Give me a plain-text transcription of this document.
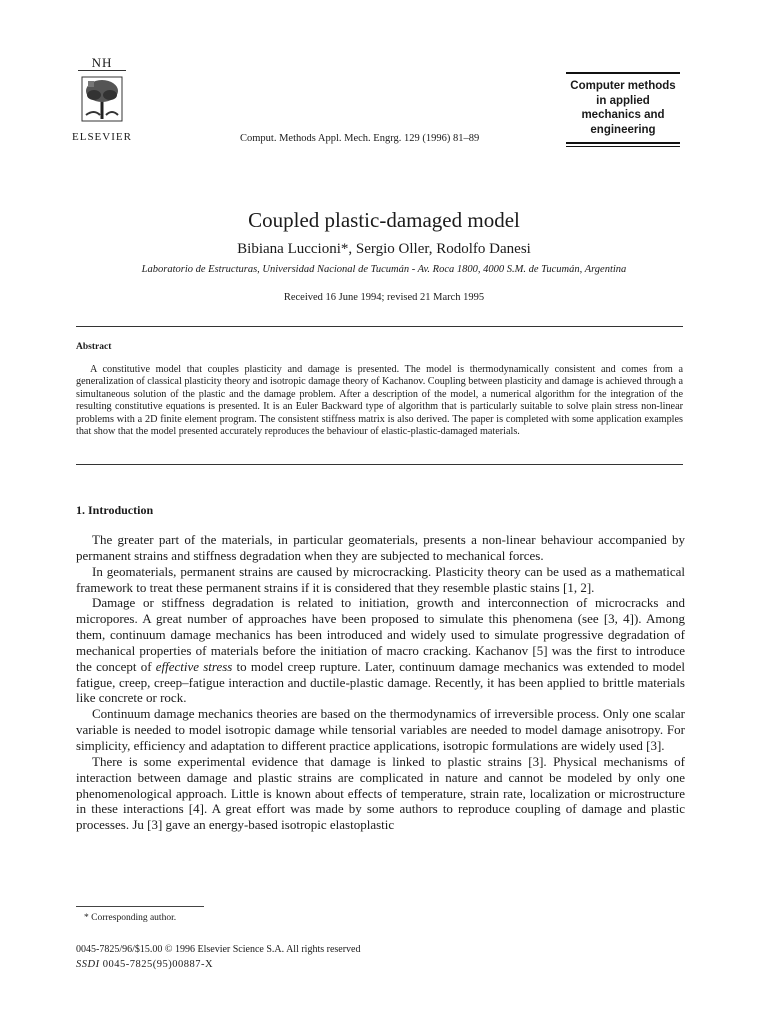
NH
ELSEVIER	Comput. Methods Appl. Mech. Engrg. 129 (1996) 81–89
Computer methods
in applied
mechanics and
engineering
Coupled plastic-damaged model
Bibiana Luccioni*, Sergio Oller, Rodolfo Danesi
Laboratorio de Estructuras, Universidad Nacional de Tucumán - Av. Roca 1800, 4000 S.M. de Tucumán, Argentina
Received 16 June 1994; revised 21 March 1995
Abstract
A constitutive model that couples plasticity and damage is presented. The model is thermodynamically consistent and comes from a generalization of classical plasticity theory and isotropic damage theory of Kachanov. Coupling between plasticity and damage is achieved through a simultaneous solution of the plastic and the damage problem. After a description of the model, a numerical algorithm for the integration of the resulting constitutive equations is presented. It is an Euler Backward type of algorithm that is particularly suitable to solve plain stress non-linear problems with a 2D finite element program. The consistent stiffness matrix is also derived. The paper is completed with some application examples that show that the model presented accurately reproduces the behaviour of elastic-plastic-damaged materials.
1. Introduction

The greater part of the materials, in particular geomaterials, presents a non-linear behaviour accompanied by permanent strains and stiffness degradation when they are subjected to mechanical forces.

In geomaterials, permanent strains are caused by microcracking. Plasticity theory can be used as a mathematical framework to treat these permanent strains if it is considered that they resemble plastic stains [1, 2].

Damage or stiffness degradation is related to initiation, growth and interconnection of microcracks and micropores. A great number of approaches have been proposed to simulate this phenomena (see [3, 4]). Among them, continuum damage mechanics has been introduced and widely used to simulate progressive degradation of mechanical properties of materials before the initiation of macro cracking. Kachanov [5] was the first to introduce the concept of effective stress to model creep rupture. Later, continuum damage mechanics was extended to model fatigue, creep, creep–fatigue interaction and ductile-plastic damage. Recently, it has been applied to brittle materials like concrete or rock.

Continuum damage mechanics theories are based on the thermodynamics of irreversible process. Only one scalar variable is needed to model isotropic damage while tensorial variables are needed to model damage anisotropy. For simplicity, efficiency and adaptation to different practice applications, isotropic formulations are widely used [3].

There is some experimental evidence that damage is linked to plastic strains [3]. Physical mechanisms of interaction between damage and plastic strains are complicated in nature and cannot be modeled by only one phenomenological approach. Little is known about effects of temperature, strain rate, localization or microstructure in these interactions [4]. A great effort was made by some authors to reproduce coupling of damage and plastic processes. Ju [3] gave an energy-based isotropic elastoplastic

* Corresponding author.
0045-7825/96/$15.00 © 1996 Elsevier Science S.A. All rights reserved
SSDI 0045-7825(95)00887-X
